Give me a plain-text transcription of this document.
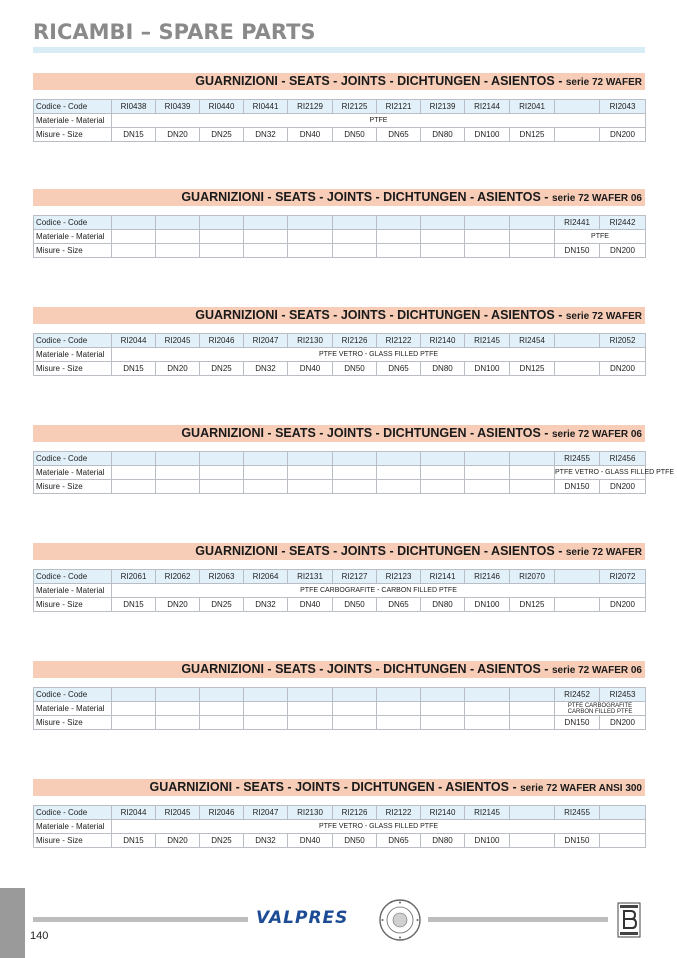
RICAMBI – SPARE PARTS
GUARNIZIONI - SEATS - JOINTS - DICHTUNGEN - ASIENTOS - serie 72 WAFER
Codice - Code	RI0438	RI0439	RI0440	RI0441	RI2129	RI2125	RI2121	RI2139	RI2144	RI2041		RI2043
Materiale - Material	PTFE											
Misure - Size	DN15	DN20	DN25	DN32	DN40	DN50	DN65	DN80	DN100	DN125		DN200
GUARNIZIONI - SEATS - JOINTS - DICHTUNGEN - ASIENTOS - serie 72 WAFER 06
Codice - Code											RI2441	RI2442
Materiale - Material											PTFE	
Misure - Size											DN150	DN200
GUARNIZIONI - SEATS - JOINTS - DICHTUNGEN - ASIENTOS - serie 72 WAFER
Codice - Code	RI2044	RI2045	RI2046	RI2047	RI2130	RI2126	RI2122	RI2140	RI2145	RI2454		RI2052
Materiale - Material	PTFE VETRO - GLASS FILLED PTFE											
Misure - Size	DN15	DN20	DN25	DN32	DN40	DN50	DN65	DN80	DN100	DN125		DN200
GUARNIZIONI - SEATS - JOINTS - DICHTUNGEN - ASIENTOS - serie 72 WAFER 06
Codice - Code											RI2455	RI2456
Materiale - Material											PTFE VETRO - GLASS FILLED PTFE	
Misure - Size											DN150	DN200
GUARNIZIONI - SEATS - JOINTS - DICHTUNGEN - ASIENTOS - serie 72 WAFER
Codice - Code	RI2061	RI2062	RI2063	RI2064	RI2131	RI2127	RI2123	RI2141	RI2146	RI2070		RI2072
Materiale - Material	PTFE CARBOGRAFITE - CARBON FILLED PTFE											
Misure - Size	DN15	DN20	DN25	DN32	DN40	DN50	DN65	DN80	DN100	DN125		DN200
GUARNIZIONI - SEATS - JOINTS - DICHTUNGEN - ASIENTOS - serie 72 WAFER 06
Codice - Code											RI2452	RI2453
Materiale - Material											PTFE CARBOGRAFITE CARBON FILLED PTFE	
Misure - Size											DN150	DN200
GUARNIZIONI - SEATS - JOINTS - DICHTUNGEN - ASIENTOS - serie 72 WAFER ANSI 300
Codice - Code	RI2044	RI2045	RI2046	RI2047	RI2130	RI2126	RI2122	RI2140	RI2145		RI2455	
Materiale - Material	PTFE VETRO - GLASS FILLED PTFE											
Misure - Size	DN15	DN20	DN25	DN32	DN40	DN50	DN65	DN80	DN100		DN150	
140
VALPRES
